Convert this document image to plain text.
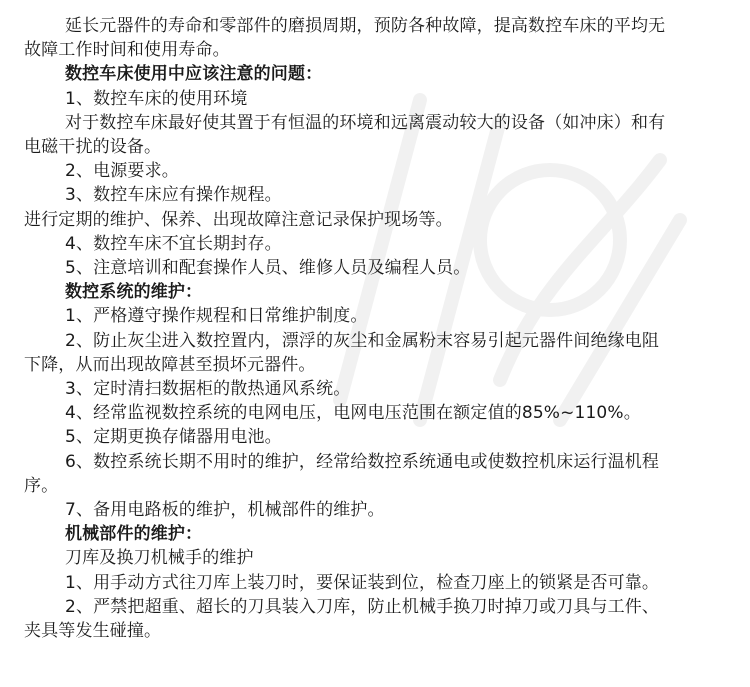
延长元器件的寿命和零部件的磨损周期，预防各种故障，提高数控车床的平均无
故障工作时间和使用寿命。
数控车床使用中应该注意的问题：
1、数控车床的使用环境
对于数控车床最好使其置于有恒温的环境和远离震动较大的设备（如冲床）和有
电磁干扰的设备。
2、电源要求。
3、数控车床应有操作规程。
进行定期的维护、保养、出现故障注意记录保护现场等。
4、数控车床不宜长期封存。
5、注意培训和配套操作人员、维修人员及编程人员。
数控系统的维护：
1、严格遵守操作规程和日常维护制度。
2、防止灰尘进入数控置内，漂浮的灰尘和金属粉末容易引起元器件间绝缘电阻
下降，从而出现故障甚至损坏元器件。
3、定时清扫数据柜的散热通风系统。
4、经常监视数控系统的电网电压，电网电压范围在额定值的85%~110%。
5、定期更换存储器用电池。
6、数控系统长期不用时的维护，经常给数控系统通电或使数控机床运行温机程
序。
7、备用电路板的维护，机械部件的维护。
机械部件的维护：
刀库及换刀机械手的维护
1、用手动方式往刀库上装刀时，要保证装到位，检查刀座上的锁紧是否可靠。
2、严禁把超重、超长的刀具装入刀库，防止机械手换刀时掉刀或刀具与工件、
夹具等发生碰撞。
